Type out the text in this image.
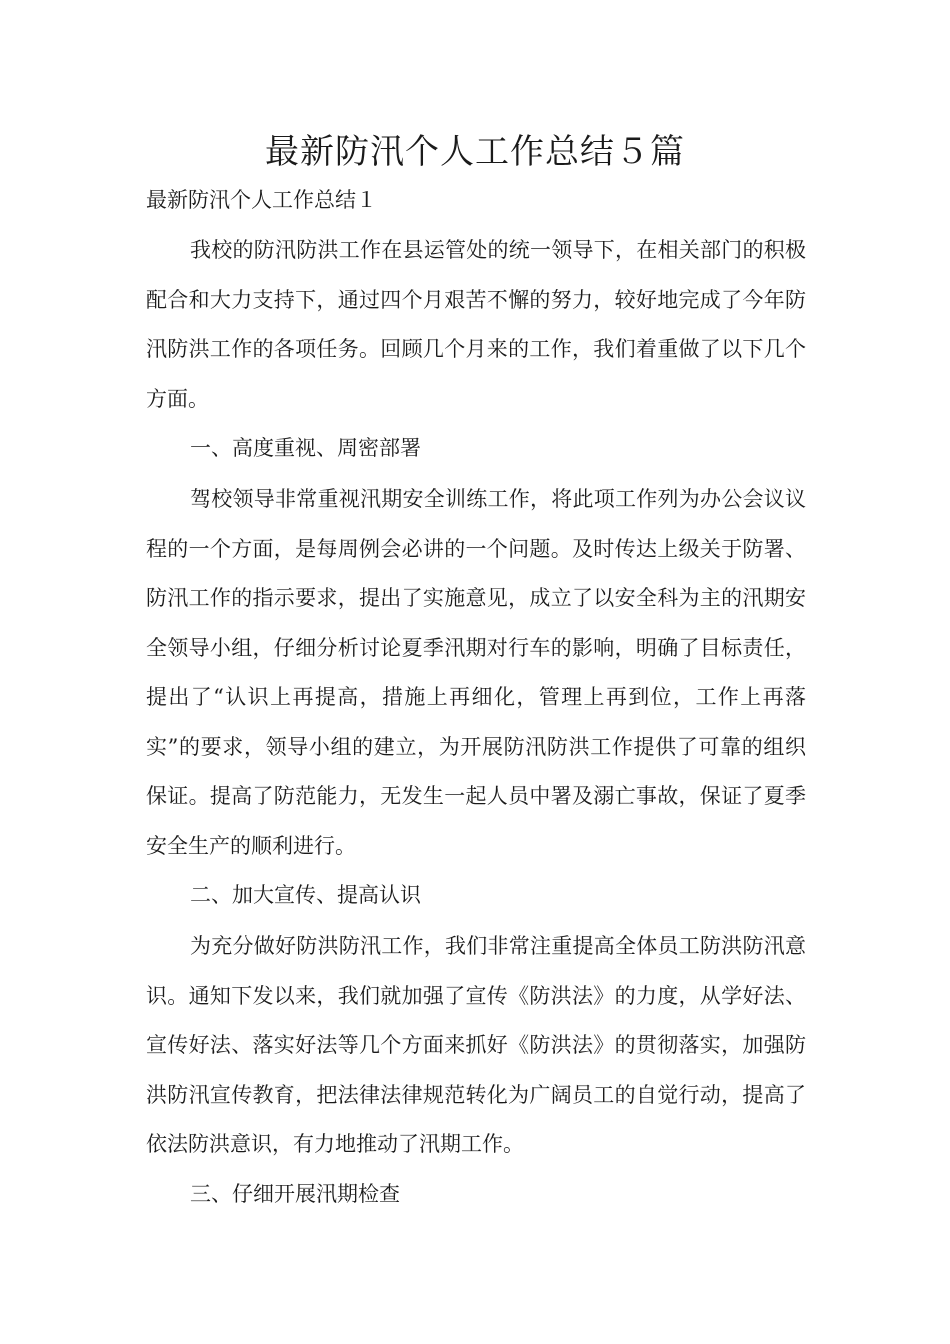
最新防汛个人工作总结５篇

最新防汛个人工作总结１

我校的防汛防洪工作在县运管处的统一领导下，在相关部门的积极配合和大力支持下，通过四个月艰苦不懈的努力，较好地完成了今年防汛防洪工作的各项任务。回顾几个月来的工作，我们着重做了以下几个方面。

一、高度重视、周密部署

驾校领导非常重视汛期安全训练工作，将此项工作列为办公会议议程的一个方面，是每周例会必讲的一个问题。及时传达上级关于防署、防汛工作的指示要求，提出了实施意见，成立了以安全科为主的汛期安全领导小组，仔细分析讨论夏季汛期对行车的影响，明确了目标责任，提出了“认识上再提高，措施上再细化，管理上再到位，工作上再落实”的要求，领导小组的建立，为开展防汛防洪工作提供了可靠的组织保证。提高了防范能力，无发生一起人员中署及溺亡事故，保证了夏季安全生产的顺利进行。

二、加大宣传、提高认识

为充分做好防洪防汛工作，我们非常注重提高全体员工防洪防汛意识。通知下发以来，我们就加强了宣传《防洪法》的力度，从学好法、宣传好法、落实好法等几个方面来抓好《防洪法》的贯彻落实，加强防洪防汛宣传教育，把法律法律规范转化为广阔员工的自觉行动，提高了依法防洪意识，有力地推动了汛期工作。

三、仔细开展汛期检查
